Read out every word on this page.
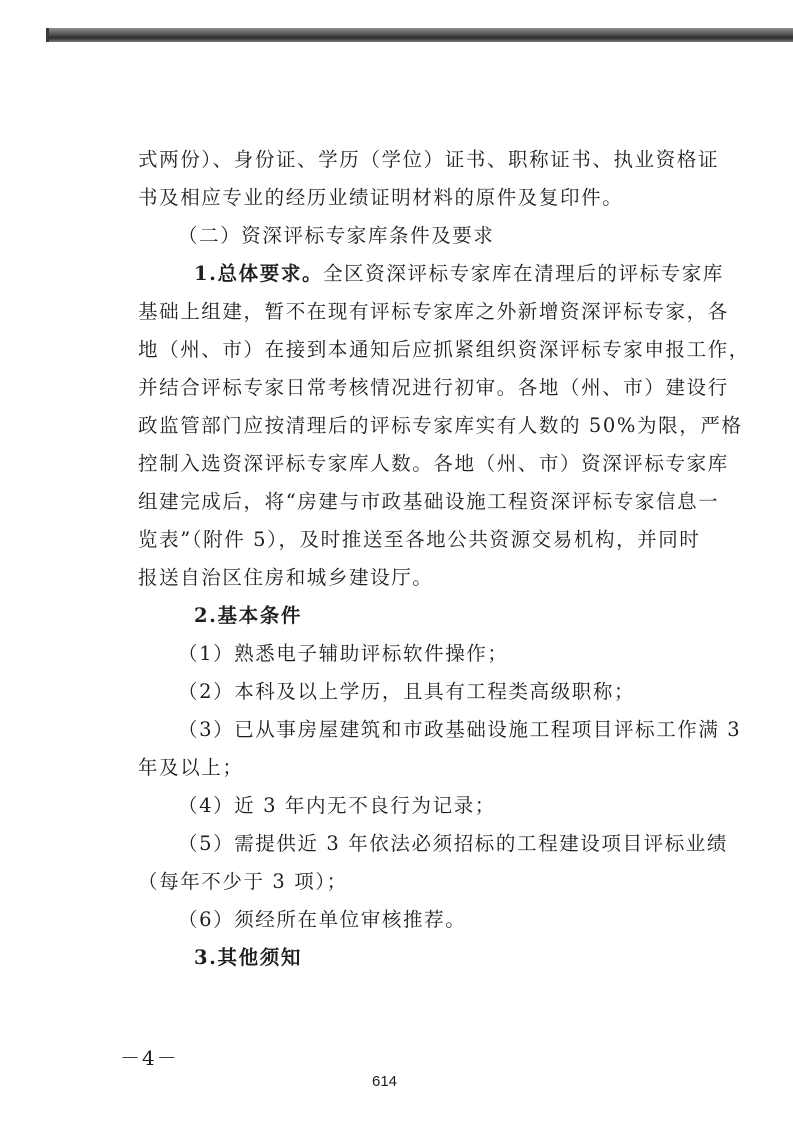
式两份）、身份证、学历（学位）证书、职称证书、执业资格证
书及相应专业的经历业绩证明材料的原件及复印件。
（二）资深评标专家库条件及要求
1.总体要求。全区资深评标专家库在清理后的评标专家库
基础上组建，暂不在现有评标专家库之外新增资深评标专家，各
地（州、市）在接到本通知后应抓紧组织资深评标专家申报工作，
并结合评标专家日常考核情况进行初审。各地（州、市）建设行
政监管部门应按清理后的评标专家库实有人数的 50%为限，严格
控制入选资深评标专家库人数。各地（州、市）资深评标专家库
组建完成后，将“房建与市政基础设施工程资深评标专家信息一
览表”（附件 5），及时推送至各地公共资源交易机构，并同时
报送自治区住房和城乡建设厅。
2.基本条件
（1）熟悉电子辅助评标软件操作；
（2）本科及以上学历，且具有工程类高级职称；
（3）已从事房屋建筑和市政基础设施工程项目评标工作满 3
年及以上；
（4）近 3 年内无不良行为记录；
（5）需提供近 3 年依法必须招标的工程建设项目评标业绩
（每年不少于 3 项）；
（6）须经所在单位审核推荐。
3.其他须知
－4－
614
